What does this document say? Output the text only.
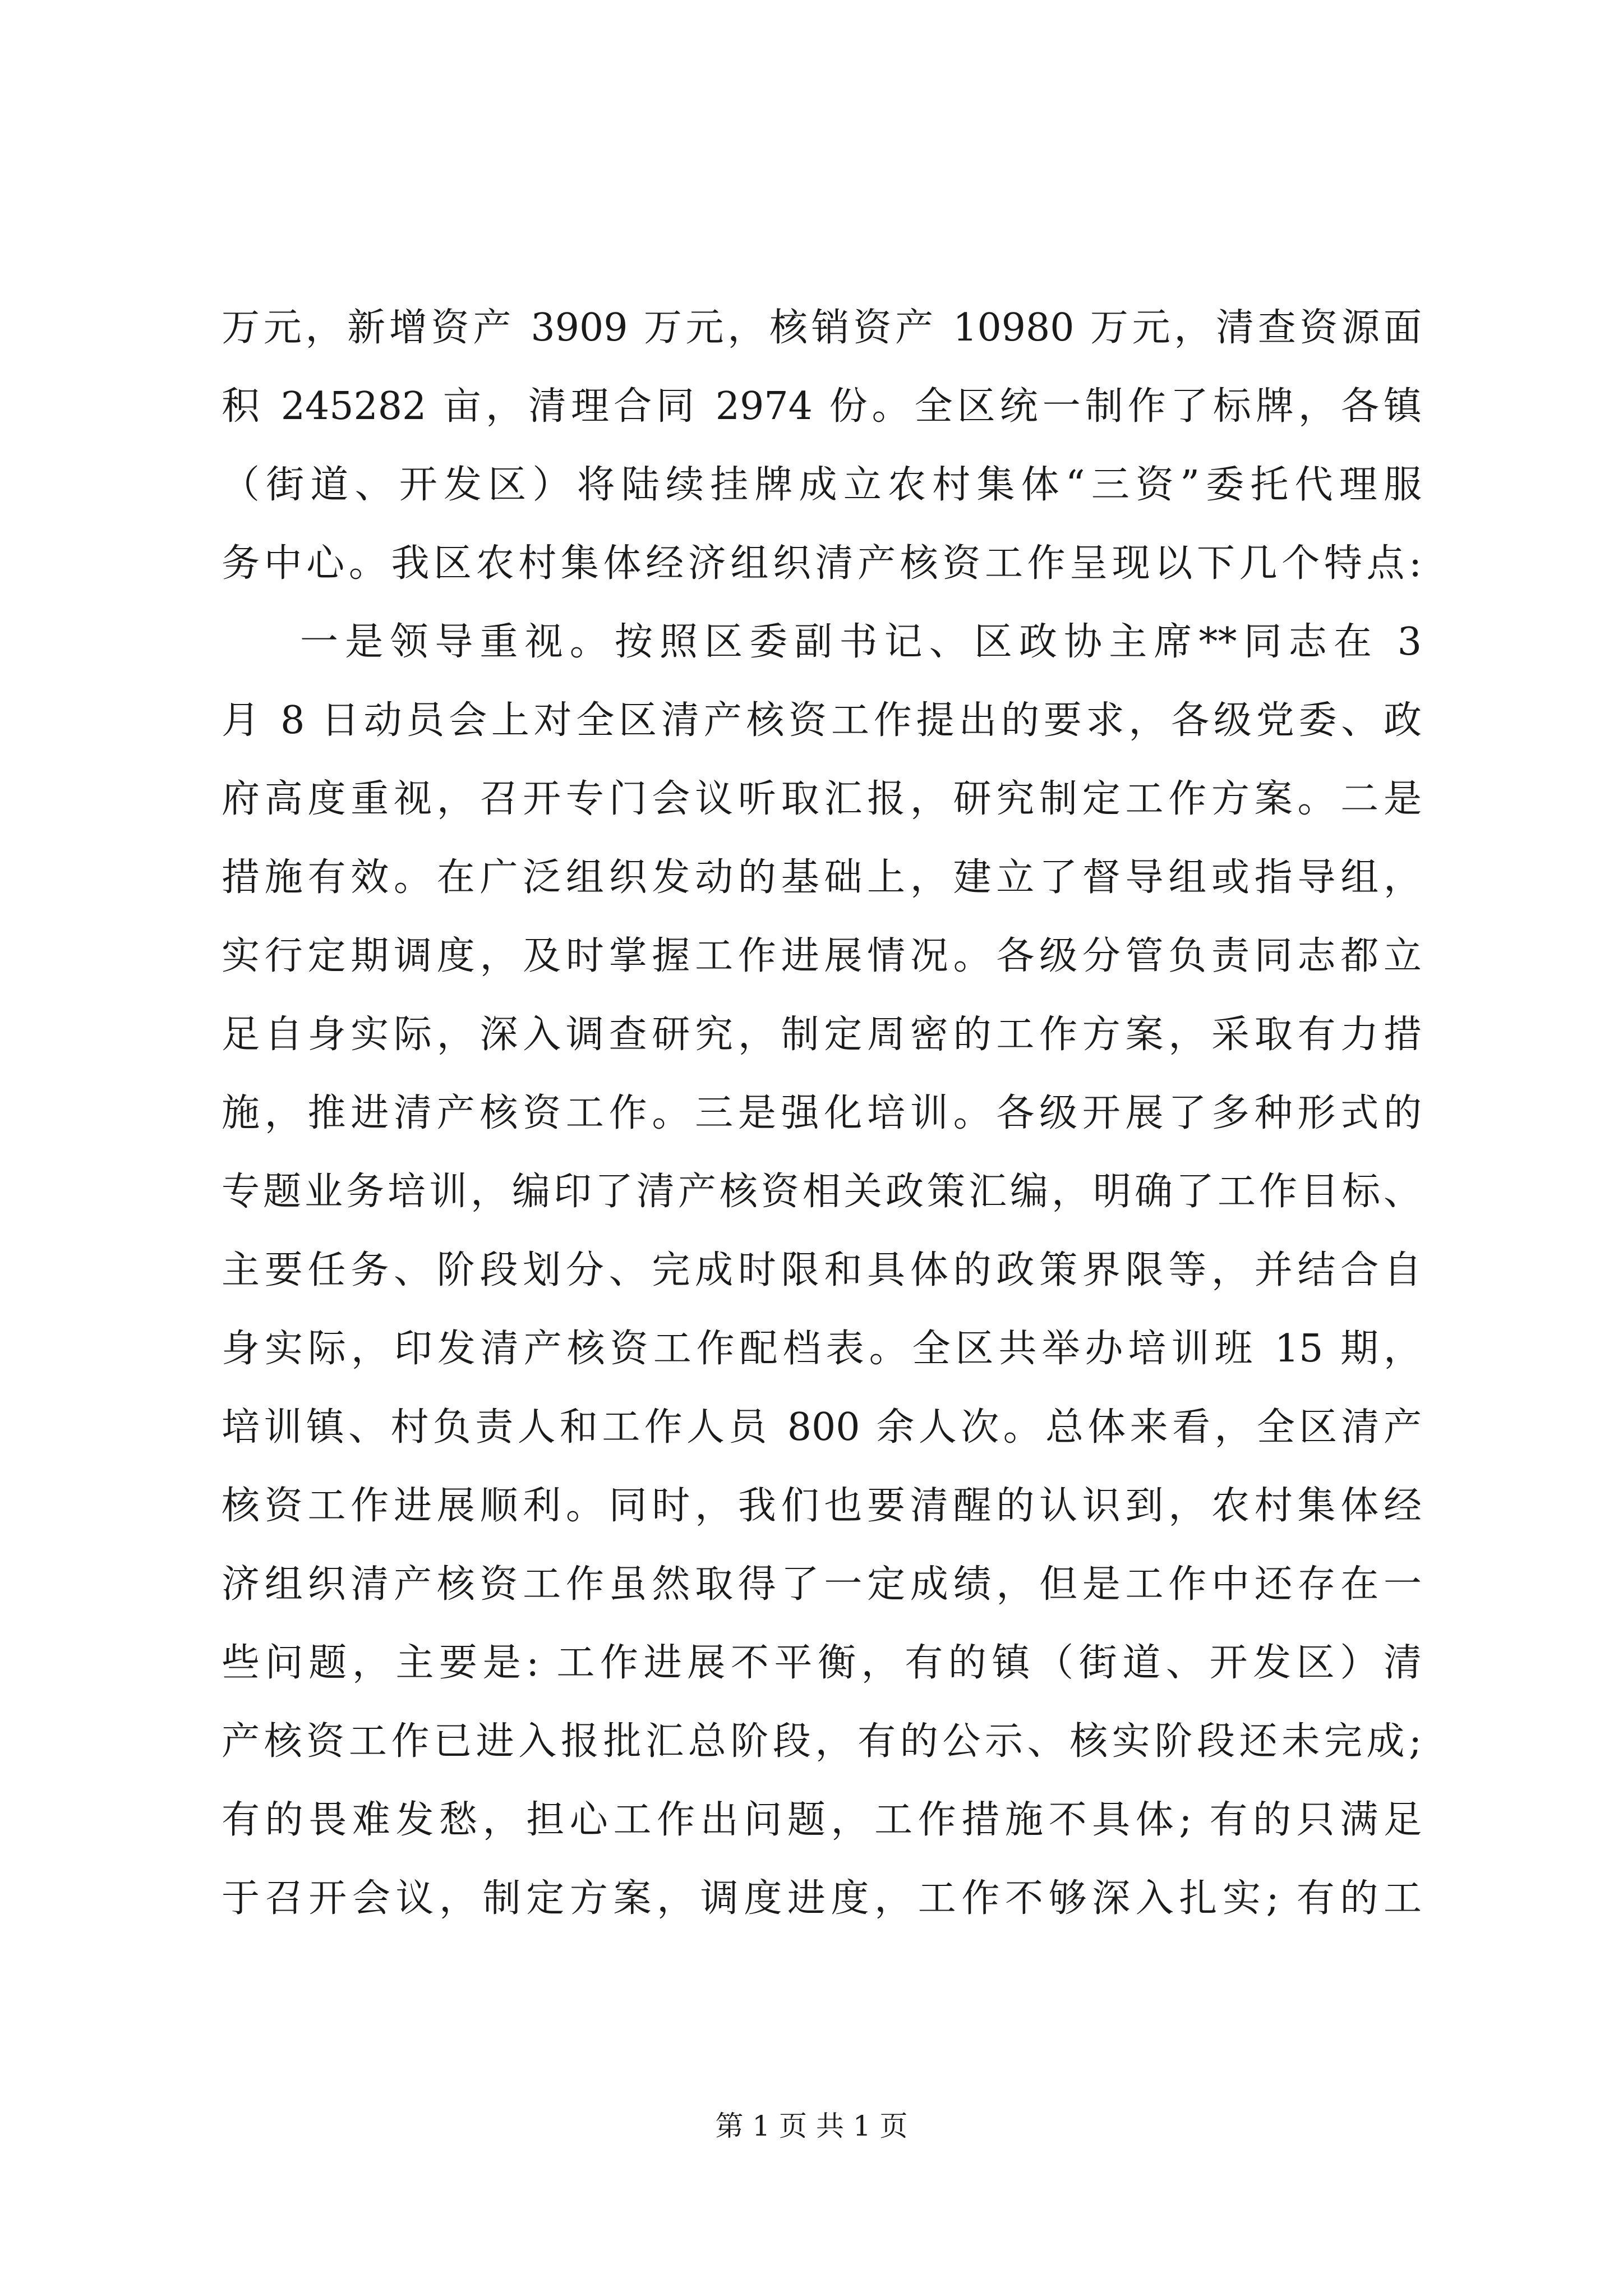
万元，新增资产 3909 万元，核销资产 10980 万元，清查资源面
积 245282 亩，清理合同 2974 份。全区统一制作了标牌，各镇
（街道、开发区）将陆续挂牌成立农村集体“三资”委托代理服
务中心。我区农村集体经济组织清产核资工作呈现以下几个特点:
一是领导重视。按照区委副书记、区政协主席**同志在 3
月 8 日动员会上对全区清产核资工作提出的要求，各级党委、政
府高度重视，召开专门会议听取汇报，研究制定工作方案。二是
措施有效。在广泛组织发动的基础上，建立了督导组或指导组，
实行定期调度，及时掌握工作进展情况。各级分管负责同志都立
足自身实际，深入调查研究，制定周密的工作方案，采取有力措
施，推进清产核资工作。三是强化培训。各级开展了多种形式的
专题业务培训，编印了清产核资相关政策汇编，明确了工作目标、
主要任务、阶段划分、完成时限和具体的政策界限等，并结合自
身实际，印发清产核资工作配档表。全区共举办培训班 15 期，
培训镇、村负责人和工作人员 800 余人次。总体来看，全区清产
核资工作进展顺利。同时，我们也要清醒的认识到，农村集体经
济组织清产核资工作虽然取得了一定成绩，但是工作中还存在一
些问题，主要是: 工作进展不平衡，有的镇（街道、开发区）清
产核资工作已进入报批汇总阶段，有的公示、核实阶段还未完成;
有的畏难发愁，担心工作出问题，工作措施不具体; 有的只满足
于召开会议，制定方案，调度进度，工作不够深入扎实; 有的工
第 1 页 共 1 页
